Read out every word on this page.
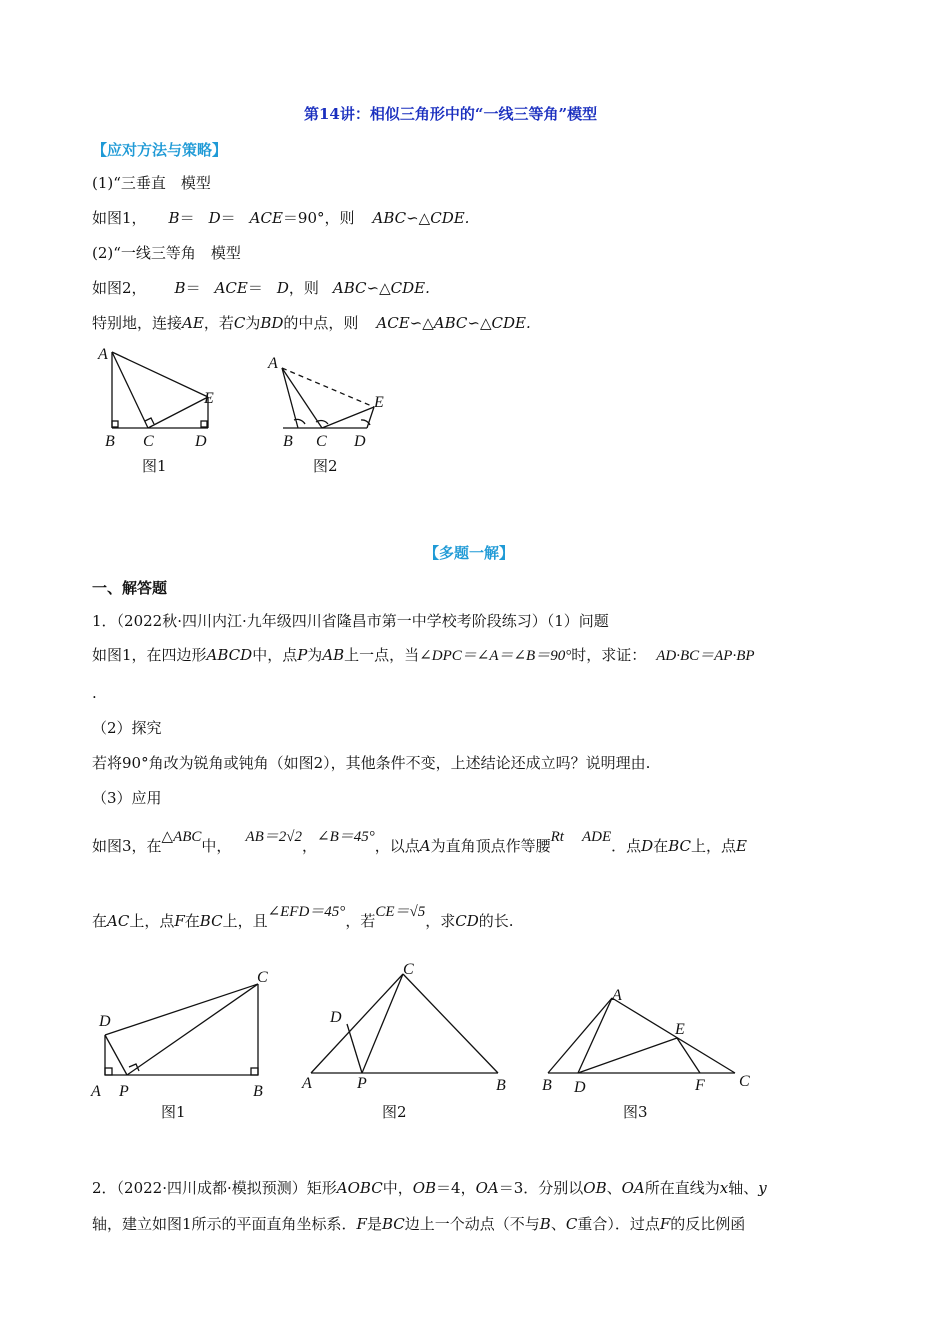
第14讲：相似三角形中的“一线三等角”模型
【应对方法与策略】
(1)“三垂直　模型
如图1， B＝ D＝ ACE＝90°，则 ABC∽△CDE.
(2)“一线三等角　模型
如图2， B＝ ACE＝ D，则 ABC∽△CDE.
特别地，连接AE，若C为BD的中点，则 ACE∽△ABC∽△CDE.
A
E
B C	D
图1
A
E
B C D
图2
【多题一解】
一、解答题
1．（2022秋·四川内江·九年级四川省隆昌市第一中学校考阶段练习）（1）问题
如图1，在四边形ABCD中，点P为AB上一点，当∠DPC＝∠A＝∠B＝90°时，求证： AD·BC＝AP·BP
.
（2）探究
若将90°角改为锐角或钝角（如图2），其他条件不变，上述结论还成立吗？说明理由.
（3）应用
如图3，在△ABC中， AB＝2√2，∠B＝45°，以点A为直角顶点作等腰Rt ADE．点D在BC上，点E
在AC上，点F在BC上，且∠EFD＝45°，若CE＝√5，求CD的长.
D
C
A P	B
图1
C
D
A	P	B
图2
A
E
B D	F C
图3
2．（2022·四川成都·模拟预测）矩形AOBC中，OB＝4，OA＝3．分别以OB、OA所在直线为x轴、y
轴，建立如图1所示的平面直角坐标系．F是BC边上一个动点（不与B、C重合）．过点F的反比例函
